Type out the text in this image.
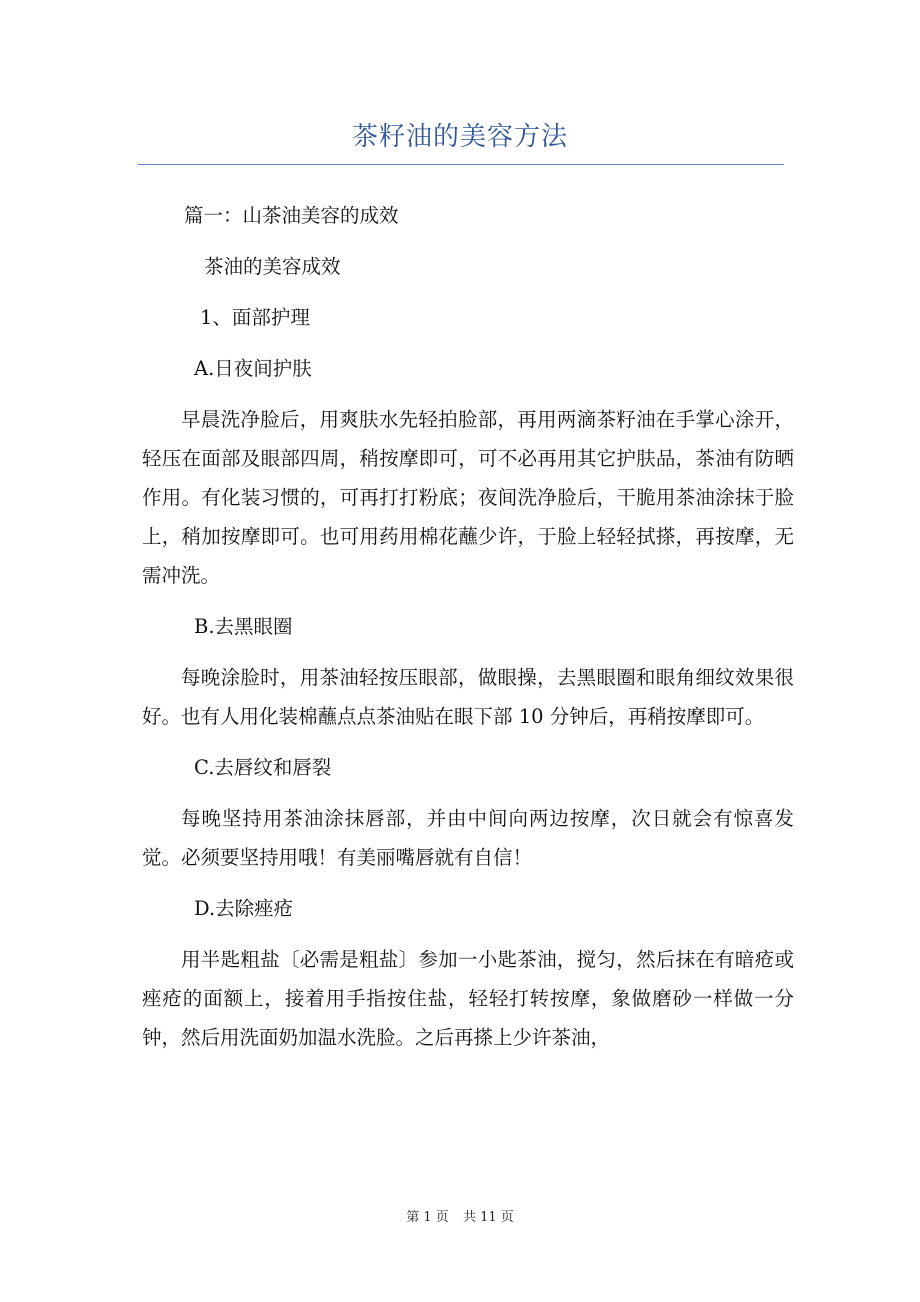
茶籽油的美容方法

篇一：山茶油美容的成效

茶油的美容成效

1、面部护理

A.日夜间护肤

早晨洗净脸后，用爽肤水先轻拍脸部，再用两滴茶籽油在手掌心涂开，轻压在面部及眼部四周，稍按摩即可，可不必再用其它护肤品，茶油有防晒作用。有化装习惯的，可再打打粉底；夜间洗净脸后，干脆用茶油涂抹于脸上，稍加按摩即可。也可用药用棉花蘸少许，于脸上轻轻拭搽，再按摩，无需冲洗。

B.去黑眼圈

每晚涂脸时，用茶油轻按压眼部，做眼操，去黑眼圈和眼角细纹效果很好。也有人用化装棉蘸点点茶油贴在眼下部 10 分钟后，再稍按摩即可。

C.去唇纹和唇裂

每晚坚持用茶油涂抹唇部，并由中间向两边按摩，次日就会有惊喜发觉。必须要坚持用哦！有美丽嘴唇就有自信！

D.去除痤疮

用半匙粗盐〔必需是粗盐〕参加一小匙茶油，搅匀，然后抹在有暗疮或痤疮的面额上，接着用手指按住盐，轻轻打转按摩，象做磨砂一样做一分钟，然后用洗面奶加温水洗脸。之后再搽上少许茶油，

第 1 页 共 11 页
